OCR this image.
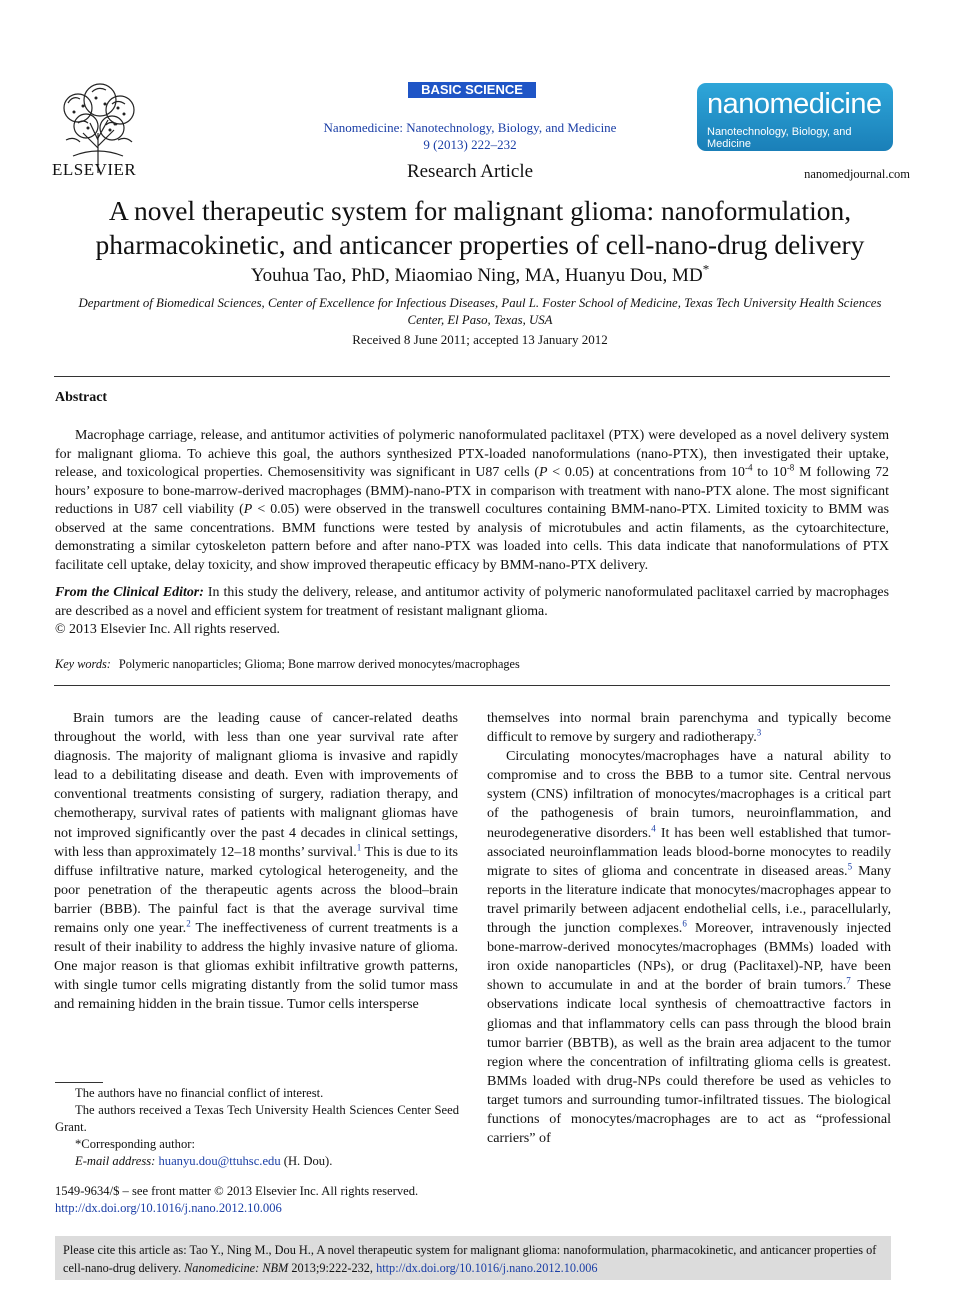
ELSEVIER
BASIC SCIENCE
Nanomedicine: Nanotechnology, Biology, and Medicine
9 (2013) 222–232
Research Article
nanomedicine
Nanotechnology, Biology, and Medicine
nanomedjournal.com
A novel therapeutic system for malignant glioma: nanoformulation,
pharmacokinetic, and anticancer properties of cell-nano-drug delivery
Youhua Tao, PhD, Miaomiao Ning, MA, Huanyu Dou, MD*
Department of Biomedical Sciences, Center of Excellence for Infectious Diseases, Paul L. Foster School of Medicine, Texas Tech University Health Sciences
Center, El Paso, Texas, USA
Received 8 June 2011; accepted 13 January 2012
Abstract
Macrophage carriage, release, and antitumor activities of polymeric nanoformulated paclitaxel (PTX) were developed as a novel delivery system for malignant glioma. To achieve this goal, the authors synthesized PTX-loaded nanoformulations (nano-PTX), then investigated their uptake, release, and toxicological properties. Chemosensitivity was significant in U87 cells (P < 0.05) at concentrations from $10^{-4}$ to $10^{-8}$ M following 72 hours’ exposure to bone-marrow-derived macrophages (BMM)-nano-PTX in comparison with treatment with nano-PTX alone. The most significant reductions in U87 cell viability (P < 0.05) were observed in the transwell cocultures containing BMM-nano-PTX. Limited toxicity to BMM was observed at the same concentrations. BMM functions were tested by analysis of microtubules and actin filaments, as the cytoarchitecture, demonstrating a similar cytoskeleton pattern before and after nano-PTX was loaded into cells. This data indicate that nanoformulations of PTX facilitate cell uptake, delay toxicity, and show improved therapeutic efficacy by BMM-nano-PTX delivery.
From the Clinical Editor: In this study the delivery, release, and antitumor activity of polymeric nanoformulated paclitaxel carried by macrophages are described as a novel and efficient system for treatment of resistant malignant glioma.
© 2013 Elsevier Inc. All rights reserved.
Key words: Polymeric nanoparticles; Glioma; Bone marrow derived monocytes/macrophages

Brain tumors are the leading cause of cancer-related deaths throughout the world, with less than one year survival rate after diagnosis. The majority of malignant glioma is invasive and rapidly lead to a debilitating disease and death. Even with improvements of conventional treatments consisting of surgery, radiation therapy, and chemotherapy, survival rates of patients with malignant gliomas have not improved significantly over the past 4 decades in clinical settings, with less than approximately 12–18 months’ survival.$^1$ This is due to its diffuse infiltrative nature, marked cytological heterogeneity, and the poor penetration of the therapeutic agents across the blood–brain barrier (BBB). The painful fact is that the average survival time remains only one year.$^2$ The ineffectiveness of current treatments is a result of their inability to address the highly invasive nature of glioma. One major reason is that gliomas exhibit infiltrative growth patterns, with single tumor cells migrating distantly from the solid tumor mass and remaining hidden in the brain tissue. Tumor cells intersperse

themselves into normal brain parenchyma and typically become difficult to remove by surgery and radiotherapy.$^3$

Circulating monocytes/macrophages have a natural ability to compromise and to cross the BBB to a tumor site. Central nervous system (CNS) infiltration of monocytes/macrophages is a critical part of the pathogenesis of brain tumors, neuroinflammation, and neurodegenerative disorders.$^4$ It has been well established that tumor-associated neuroinflammation leads blood-borne monocytes to readily migrate to sites of glioma and concentrate in diseased areas.$^5$ Many reports in the literature indicate that monocytes/macrophages appear to travel primarily between adjacent endothelial cells, i.e., paracellularly, through the junction complexes.$^6$ Moreover, intravenously injected bone-marrow-derived monocytes/macrophages (BMMs) loaded with iron oxide nanoparticles (NPs), or drug (Paclitaxel)-NP, have been shown to accumulate in and at the border of brain tumors.$^7$ These observations indicate local synthesis of chemoattractive factors in gliomas and that inflammatory cells can pass through the blood brain tumor barrier (BBTB), as well as the brain area adjacent to the tumor region where the concentration of infiltrating glioma cells is greatest. BMMs loaded with drug-NPs could therefore be used as vehicles to target tumors and surrounding tumor-infiltrated tissues. The biological functions of monocytes/macrophages are to act as “professional carriers” of

The authors have no financial conflict of interest.

The authors received a Texas Tech University Health Sciences Center Seed Grant.

*Corresponding author:

E-mail address: huanyu.dou@ttuhsc.edu (H. Dou).

1549-9634/$ – see front matter © 2013 Elsevier Inc. All rights reserved.
http://dx.doi.org/10.1016/j.nano.2012.10.006
Please cite this article as: Tao Y., Ning M., Dou H., A novel therapeutic system for malignant glioma: nanoformulation, pharmacokinetic, and anticancer properties of cell-nano-drug delivery. Nanomedicine: NBM 2013;9:222-232, http://dx.doi.org/10.1016/j.nano.2012.10.006
